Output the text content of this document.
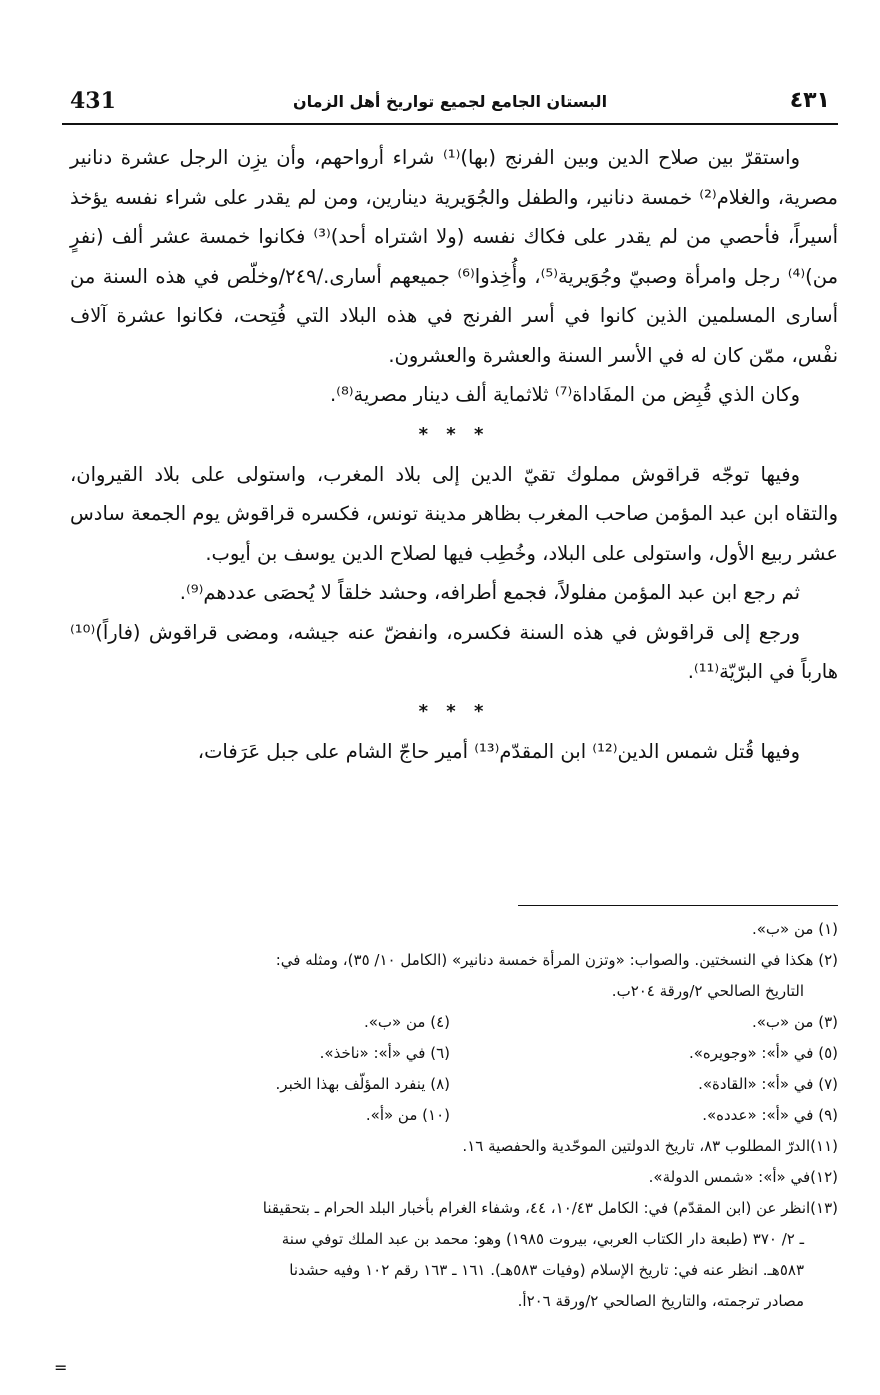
431	البستان الجامع لجميع تواريخ أهل الزمان	٤٣١

واستقرّ بين صلاح الدين وبين الفرنج (بها)⁽¹⁾ شراء أرواحهم، وأن يزِن الرجل عشرة دنانير مصرية، والغلام⁽²⁾ خمسة دنانير، والطفل والجُوَيرية دينارين، ومن لم يقدر على شراء نفسه يؤخذ أسيراً، فأحصي من لم يقدر على فكاك نفسه (ولا اشتراه أحد)⁽³⁾ فكانوا خمسة عشر ألف (نفرٍ من)⁽⁴⁾ رجل وامرأة وصبيّ وجُوَيرية⁽⁵⁾، وأُخِذوا⁽⁶⁾ جميعهم أسارى./٢٤٩/وخلّص في هذه السنة من أسارى المسلمين الذين كانوا في أسر الفرنج في هذه البلاد التي فُتِحت، فكانوا عشرة آلاف نفْس، ممّن كان له في الأسر السنة والعشرة والعشرون.

وكان الذي قُبِض من المفَاداة⁽⁷⁾ ثلاثماية ألف دينار مصرية⁽⁸⁾.

* * *

وفيها توجّه قراقوش مملوك تقيّ الدين إلى بلاد المغرب، واستولى على بلاد القيروان، والتقاه ابن عبد المؤمن صاحب المغرب بظاهر مدينة تونس، فكسره قراقوش يوم الجمعة سادس عشر ربيع الأول، واستولى على البلاد، وخُطِب فيها لصلاح الدين يوسف بن أيوب.

ثم رجع ابن عبد المؤمن مفلولاً، فجمع أطرافه، وحشد خلقاً لا يُحصَى عددهم⁽⁹⁾.

ورجع إلى قراقوش في هذه السنة فكسره، وانفضّ عنه جيشه، ومضى قراقوش (فاراً)⁽¹⁰⁾ هارباً في البرّيّة⁽¹¹⁾.

* * *

وفيها قُتل شمس الدين⁽¹²⁾ ابن المقدّم⁽¹³⁾ أمير حاجّ الشام على جبل عَرَفات،

(١) من «ب».

(٢) هكذا في النسختين. والصواب: «وتزن المرأة خمسة دنانير» (الكامل ١٠/ ٣٥)، ومثله في:

التاريخ الصالحي ٢/ورقة ٢٠٤ب.

(٣) من «ب».
(٤) من «ب».
(٥) في «أ»: «وجويره».
(٦) في «أ»: «ناخذ».
(٧) في «أ»: «القادة».
(٨) ينفرد المؤلّف بهذا الخبر.
(٩) في «أ»: «عدده».
(١٠) من «أ».

(١١)الدرّ المطلوب ٨٣، تاريخ الدولتين الموحّدية والحفصية ١٦.

(١٢)في «أ»: «شمس الدولة».

(١٣)انظر عن (ابن المقدّم) في: الكامل ١٠/٤٣، ٤٤، وشفاء الغرام بأخبار البلد الحرام ـ بتحقيقنا

ـ ٢/ ٣٧٠ (طبعة دار الكتاب العربي، بيروت ١٩٨٥) وهو: محمد بن عبد الملك توفي سنة

٥٨٣هـ. انظر عنه في: تاريخ الإسلام (وفيات ٥٨٣هـ). ١٦١ ـ ١٦٣ رقم ١٠٢ وفيه حشدنا

مصادر ترجمته، والتاريخ الصالحي ٢/ورقة ٢٠٦أ.

=
